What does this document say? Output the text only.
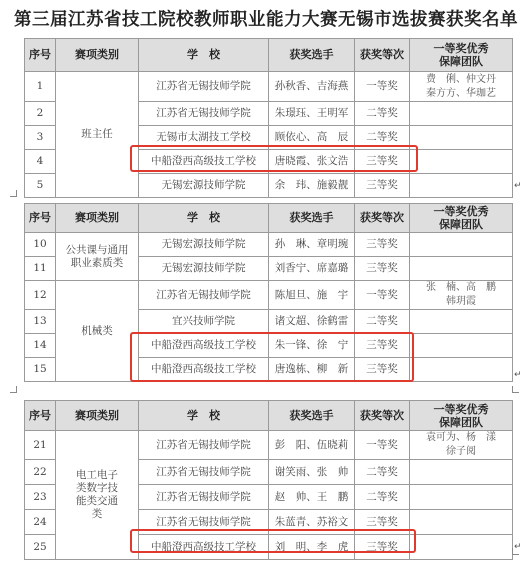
第三届江苏省技工院校教师职业能力大赛无锡市选拔赛获奖名单
序号	赛项类别	学　校	获奖选手	获奖等次	一等奖优秀
保障团队
1	班主任	江苏省无锡技师学院	孙秋香、吉海燕	一等奖	费　俐、仲文丹
秦方方、华珈艺
2		江苏省无锡技师学院	朱璟珏、王明军	二等奖	
3		无锡市太湖技工学校	顾依心、高　辰	二等奖	
4		中船澄西高级技工学校	唐晓霞、张文浩	三等奖	
5		无锡宏源技师学院	余　玮、施毅靓	三等奖		↵
序号	赛项类别	学　校	获奖选手	获奖等次	一等奖优秀
保障团队
10	公共课与通用职业素质类	无锡宏源技师学院	孙　琳、章明琬	三等奖	
11		无锡宏源技师学院	刘香宁、席嘉璐	三等奖	
12	机械类	江苏省无锡技师学院	陈旭旦、施　宇	一等奖	张　楠、高　鹏
韩玥霞
13		宜兴技师学院	诸文超、徐鹤雷	二等奖	
14		中船澄西高级技工学校	朱一锋、徐　宁	三等奖	
15		中船澄西高级技工学校	唐逸栋、柳　新	三等奖		↵
序号	赛项类别	学　校	获奖选手	获奖等次	一等奖优秀
保障团队
21	电工电子类数字技能类交通类	江苏省无锡技师学院	彭　阳、伍晓莉	一等奖	袁可为、杨　漾
徐子阅
22		江苏省无锡技师学院	谢笑雨、张　帅	二等奖	
23		江苏省无锡技师学院	赵　帅、王　鹏	二等奖	
24		江苏省无锡技师学院	朱蓝青、苏裕文	三等奖	
25		中船澄西高级技工学校	刘　明、李　虎	三等奖		↵
